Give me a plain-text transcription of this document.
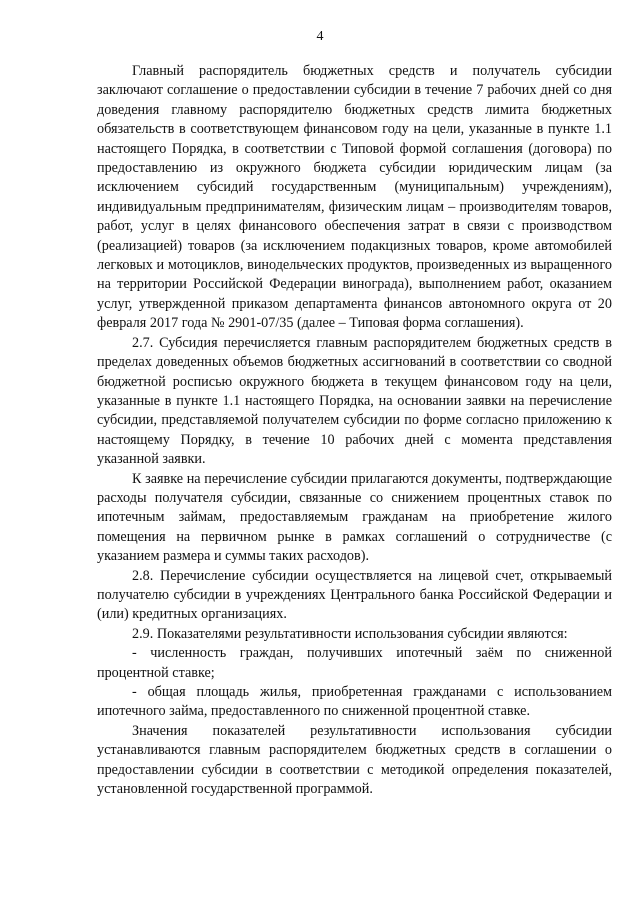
4

Главный распорядитель бюджетных средств и получатель субсидии заключают соглашение о предоставлении субсидии в течение 7 рабочих дней со дня доведения главному распорядителю бюджетных средств лимита бюджетных обязательств в соответствующем финансовом году на цели, указанные в пункте 1.1 настоящего Порядка, в соответствии с Типовой формой соглашения (договора) по предоставлению из окружного бюджета субсидии юридическим лицам (за исключением субсидий государственным (муниципальным) учреждениям), индивидуальным предпринимателям, физическим лицам – производителям товаров, работ, услуг в целях финансового обеспечения затрат в связи с производством (реализацией) товаров (за исключением подакцизных товаров, кроме автомобилей легковых и мотоциклов, винодельческих продуктов, произведенных из выращенного на территории Российской Федерации винограда), выполнением работ, оказанием услуг, утвержденной приказом департамента финансов автономного округа от 20 февраля 2017 года № 2901-07/35 (далее – Типовая форма соглашения).

2.7. Субсидия перечисляется главным распорядителем бюджетных средств в пределах доведенных объемов бюджетных ассигнований в соответствии со сводной бюджетной росписью окружного бюджета в текущем финансовом году на цели, указанные в пункте 1.1 настоящего Порядка, на основании заявки на перечисление субсидии, представляемой получателем субсидии по форме согласно приложению к настоящему Порядку, в течение 10 рабочих дней с момента представления указанной заявки.

К заявке на перечисление субсидии прилагаются документы, подтверждающие расходы получателя субсидии, связанные со снижением процентных ставок по ипотечным займам, предоставляемым гражданам на приобретение жилого помещения на первичном рынке в рамках соглашений о сотрудничестве (с указанием размера и суммы таких расходов).

2.8. Перечисление субсидии осуществляется на лицевой счет, открываемый получателю субсидии в учреждениях Центрального банка Российской Федерации и (или) кредитных организациях.

2.9. Показателями результативности использования субсидии являются:

- численность граждан, получивших ипотечный заём по сниженной процентной ставке;

- общая площадь жилья, приобретенная гражданами с использованием ипотечного займа, предоставленного по сниженной процентной ставке.

Значения показателей результативности использования субсидии устанавливаются главным распорядителем бюджетных средств в соглашении о предоставлении субсидии в соответствии с методикой определения показателей, установленной государственной программой.
